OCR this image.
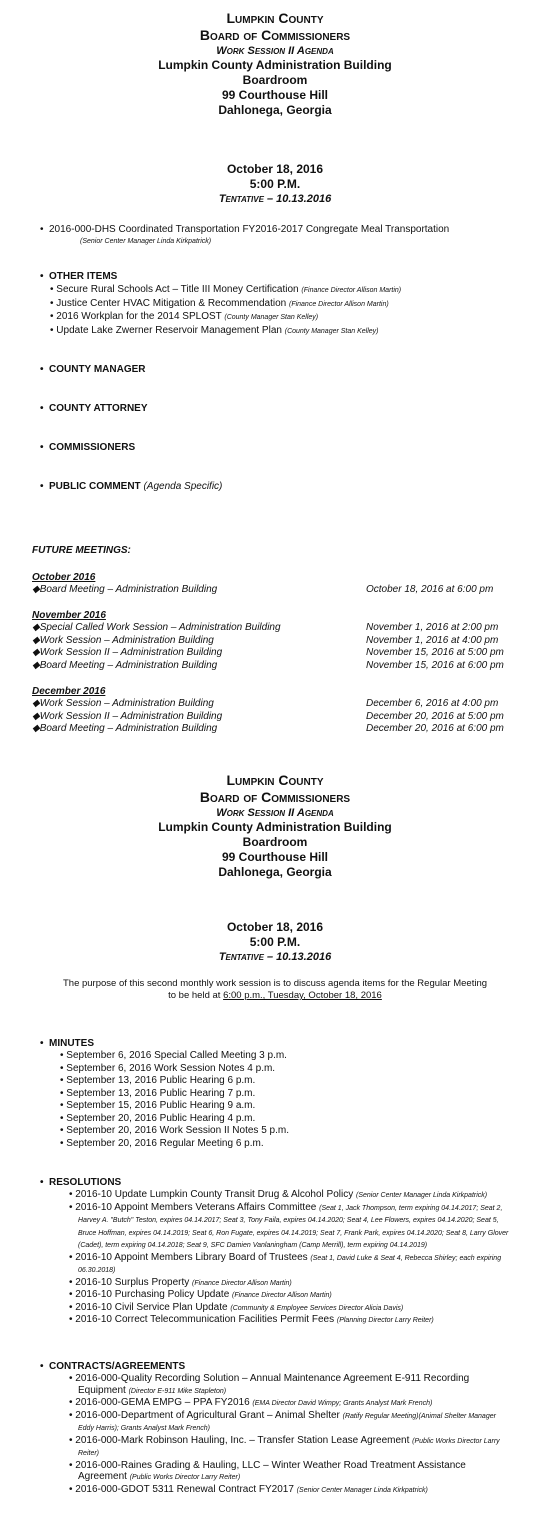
Lumpkin County
Board of Commissioners
Work Session II Agenda
Lumpkin County Administration Building
Boardroom
99 Courthouse Hill
Dahlonega, Georgia
October 18, 2016
5:00 P.M.
Tentative – 10.13.2016
• 2016-000-DHS Coordinated Transportation FY2016-2017 Congregate Meal Transportation
(Senior Center Manager Linda Kirkpatrick)
• OTHER ITEMS
• Secure Rural Schools Act – Title III Money Certification (Finance Director Allison Martin)
• Justice Center HVAC Mitigation & Recommendation (Finance Director Allison Martin)
• 2016 Workplan for the 2014 SPLOST (County Manager Stan Kelley)
• Update Lake Zwerner Reservoir Management Plan (County Manager Stan Kelley)
• COUNTY MANAGER
• COUNTY ATTORNEY
• COMMISSIONERS
• PUBLIC COMMENT (Agenda Specific)
FUTURE MEETINGS:
October 2016
◆Board Meeting – Administration Building	October 18, 2016 at 6:00 pm
November 2016
◆Special Called Work Session – Administration Building	November 1, 2016 at 2:00 pm
◆Work Session – Administration Building	November 1, 2016 at 4:00 pm
◆Work Session II – Administration Building	November 15, 2016 at 5:00 pm
◆Board Meeting – Administration Building	November 15, 2016 at 6:00 pm
December 2016
◆Work Session – Administration Building	December 6, 2016 at 4:00 pm
◆Work Session II – Administration Building	December 20, 2016 at 5:00 pm
◆Board Meeting – Administration Building	December 20, 2016 at 6:00 pm
Lumpkin County
Board of Commissioners
Work Session II Agenda
Lumpkin County Administration Building
Boardroom
99 Courthouse Hill
Dahlonega, Georgia
October 18, 2016
5:00 P.M.
Tentative – 10.13.2016
The purpose of this second monthly work session is to discuss agenda items for the Regular Meeting
to be held at 6:00 p.m., Tuesday, October 18, 2016
• MINUTES
• September 6, 2016 Special Called Meeting 3 p.m.
• September 6, 2016 Work Session Notes 4 p.m.
• September 13, 2016 Public Hearing 6 p.m.
• September 13, 2016 Public Hearing 7 p.m.
• September 15, 2016 Public Hearing 9 a.m.
• September 20, 2016 Public Hearing 4 p.m.
• September 20, 2016 Work Session II Notes 5 p.m.
• September 20, 2016 Regular Meeting 6 p.m.
• RESOLUTIONS
• 2016-10 Update Lumpkin County Transit Drug & Alcohol Policy (Senior Center Manager Linda Kirkpatrick)
• 2016-10 Appoint Members Veterans Affairs Committee (Seat 1, Jack Thompson, term expiring 04.14.2017; Seat 2, Harvey A. "Butch" Teston, expires 04.14.2017; Seat 3, Tony Faila, expires 04.14.2020; Seat 4, Lee Flowers, expires 04.14.2020; Seat 5, Bruce Hoffman, expires 04.14.2019; Seat 6, Ron Fugate, expires 04.14.2019; Seat 7, Frank Park, expires 04.14.2020; Seat 8, Larry Glover (Cadet), term expiring 04.14.2018; Seat 9, SFC Damien Vanlaningham (Camp Merrill), term expiring 04.14.2019)
• 2016-10 Appoint Members Library Board of Trustees (Seat 1, David Luke & Seat 4, Rebecca Shirley; each expiring 06.30.2018)
• 2016-10 Surplus Property (Finance Director Allison Martin)
• 2016-10 Purchasing Policy Update (Finance Director Allison Martin)
• 2016-10 Civil Service Plan Update (Community & Employee Services Director Alicia Davis)
• 2016-10 Correct Telecommunication Facilities Permit Fees (Planning Director Larry Reiter)
• CONTRACTS/AGREEMENTS
• 2016-000-Quality Recording Solution – Annual Maintenance Agreement E-911 Recording Equipment (Director E-911 Mike Stapleton)
• 2016-000-GEMA EMPG – PPA FY2016 (EMA Director David Wimpy; Grants Analyst Mark French)
• 2016-000-Department of Agricultural Grant – Animal Shelter (Ratify Regular Meeting)(Animal Shelter Manager Eddy Harris); Grants Analyst Mark French)
• 2016-000-Mark Robinson Hauling, Inc. – Transfer Station Lease Agreement (Public Works Director Larry Reiter)
• 2016-000-Raines Grading & Hauling, LLC – Winter Weather Road Treatment Assistance Agreement (Public Works Director Larry Reiter)
• 2016-000-GDOT 5311 Renewal Contract FY2017 (Senior Center Manager Linda Kirkpatrick)
